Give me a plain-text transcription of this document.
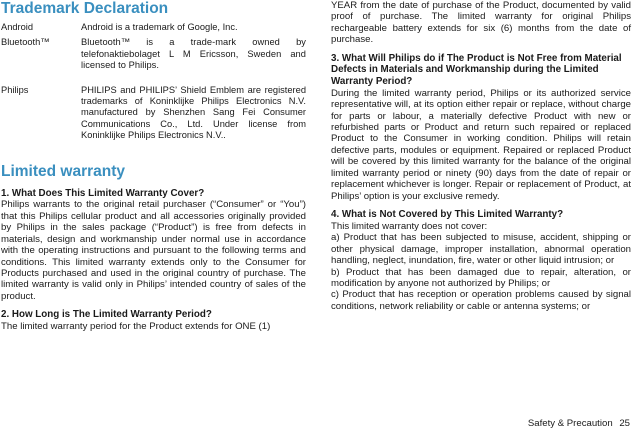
Trademark Declaration
Android	Android is a trademark of Google, Inc.
Bluetooth™	Bluetooth™ is a trade-mark owned by telefonaktiebolaget L M Ericsson, Sweden and licensed to Philips.
Philips	PHILIPS and PHILIPS’ Shield Emblem are registered trademarks of Koninklijke Philips Electronics N.V. manufactured by Shenzhen Sang Fei Consumer Communications Co., Ltd. Under license from Koninklijke Philips Electronics N.V..
Limited warranty
1. What Does This Limited Warranty Cover?

Philips warrants to the original retail purchaser (“Consumer” or “You”) that this Philips cellular product and all accessories originally provided by Philips in the sales package (“Product”) is free from defects in materials, design and workmanship under normal use in accordance with the operating instructions and pursuant to the following terms and conditions. This limited warranty extends only to the Consumer for Products purchased and used in the original country of purchase. The limited warranty is valid only in Philips’ intended country of sales of the product.

2. How Long is The Limited Warranty Period?

The limited warranty period for the Product extends for ONE (1)

YEAR from the date of purchase of the Product, documented by valid proof of purchase. The limited warranty for original Philips rechargeable battery extends for six (6) months from the date of purchase.

3. What Will Philips do if The Product is Not Free from Material Defects in Materials and Workmanship during the Limited Warranty Period?

During the limited warranty period, Philips or its authorized service representative will, at its option either repair or replace, without charge for parts or labour, a materially defective Product with new or refurbished parts or Product and return such repaired or replaced Product to the Consumer in working condition. Philips will retain defective parts, modules or equipment. Repaired or replaced Product will be covered by this limited warranty for the balance of the original limited warranty period or ninety (90) days from the date of repair or replacement whichever is longer. Repair or replacement of Product, at Philips’ option is your exclusive remedy.

4. What is Not Covered by This Limited Warranty?

This limited warranty does not cover:

a) Product that has been subjected to misuse, accident, shipping or other physical damage, improper installation, abnormal operation handling, neglect, inundation, fire, water or other liquid intrusion; or

b) Product that has been damaged due to repair, alteration, or modification by anyone not authorized by Philips; or

c) Product that has reception or operation problems caused by signal conditions, network reliability or cable or antenna systems; or

Safety & Precaution 25
